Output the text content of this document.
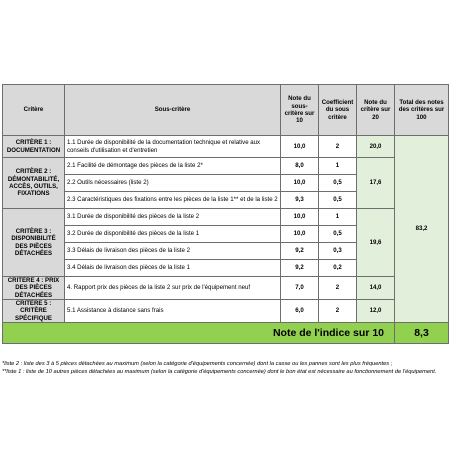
Critère	Sous-critère	Note du sous-critère sur 10	Coefficient du sous critère	Note du critère sur 20	Total des notes des critères sur 100
CRITÈRE 1 : DOCUMENTATION	1.1 Durée de disponibilité de la documentation technique et relative aux conseils d'utilisation et d'entretien	10,0	2	20,0	83,2
CRITÈRE 2 : DÉMONTABILITÉ, ACCÈS, OUTILS, FIXATIONS	2.1 Facilité de démontage des pièces de la liste 2*	8,0	1	17,6	
	2.2 Outils nécessaires (liste 2)	10,0	0,5		
	2.3 Caractéristiques des fixations entre les pièces de la liste 1** et de la liste 2	9,3	0,5		
CRITÈRE 3 : DISPONIBILITÉ DES PIÈCES DÉTACHÉES	3.1 Durée de disponibilité des pièces de la liste 2	10,0	1	19,6	
	3.2 Durée de disponibilité des pièces de la liste 1	10,0	0,5		
	3.3 Délais de livraison des pièces de la liste 2	9,2	0,3		
	3.4 Délais de livraison des pièces de la liste 1	9,2	0,2		
CRITÈRE 4 : PRIX DES PIÈCES DÉTACHÉES	4. Rapport prix des pièces de la liste 2 sur prix de l'équipement neuf	7,0	2	14,0	
CRITÈRE 5 : CRITÈRE SPÉCIFIQUE	5.1 Assistance à distance sans frais	6,0	2	12,0	
Note de l'indice sur 10					8,3

*liste 2 : liste des 3 à 5 pièces détachées au maximum (selon la catégorie d'équipements concernée) dont la casse ou les pannes sont les plus fréquentes ;

**liste 1 : liste de 10 autres pièces détachées au maximum (selon la catégorie d'équipements concernée) dont le bon état est nécessaire au fonctionnement de l'équipement.
